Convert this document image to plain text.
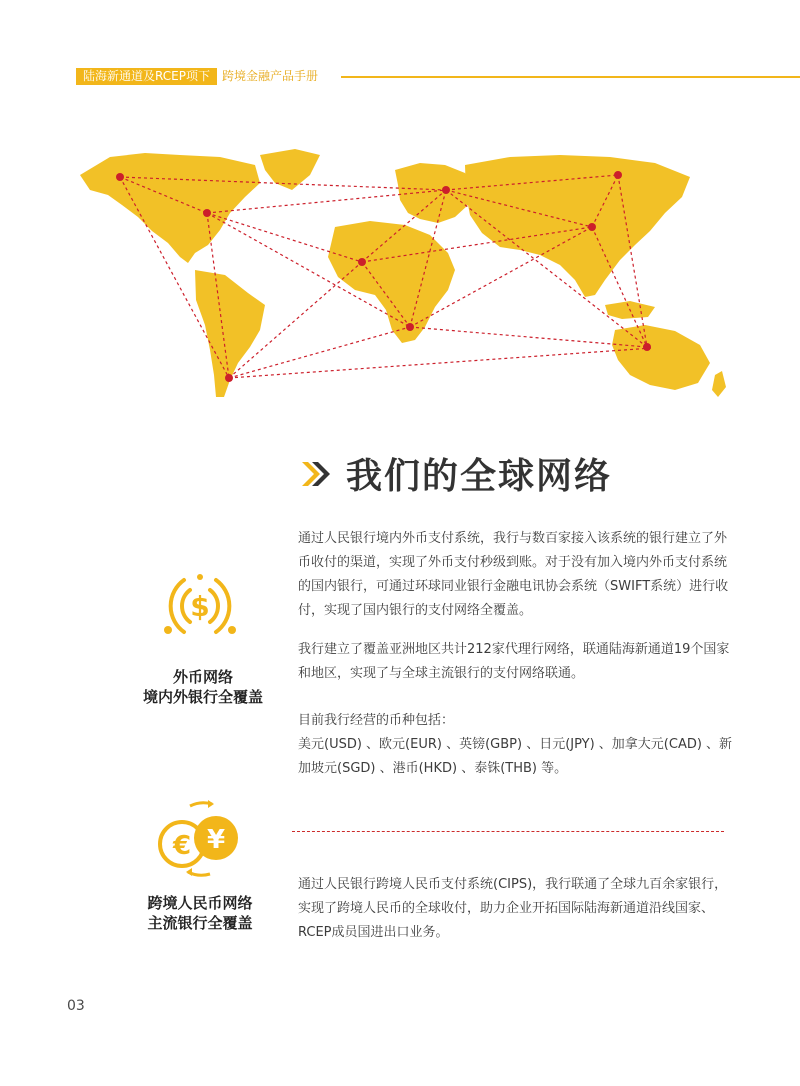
陆海新通道及RCEP项下	跨境金融产品手册
我们的全球网络

通过人民银行境内外币支付系统，我行与数百家接入该系统的银行建立了外币收付的渠道，实现了外币支付秒级到账。对于没有加入境内外币支付系统的国内银行，可通过环球同业银行金融电讯协会系统（SWIFT系统）进行收付，实现了国内银行的支付网络全覆盖。

我行建立了覆盖亚洲地区共计212家代理行网络，联通陆海新通道19个国家和地区，实现了与全球主流银行的支付网络联通。

目前我行经营的币种包括：

美元(USD) 、欧元(EUR) 、英镑(GBP) 、日元(JPY) 、加拿大元(CAD) 、新加坡元(SGD) 、港币(HKD) 、泰铢(THB) 等。

通过人民银行跨境人民币支付系统(CIPS)，我行联通了全球九百余家银行，实现了跨境人民币的全球收付，助力企业开拓国际陆海新通道沿线国家、RCEP成员国进出口业务。

$
外币网络
境内外银行全覆盖
€ ¥
跨境人民币网络
主流银行全覆盖
03
